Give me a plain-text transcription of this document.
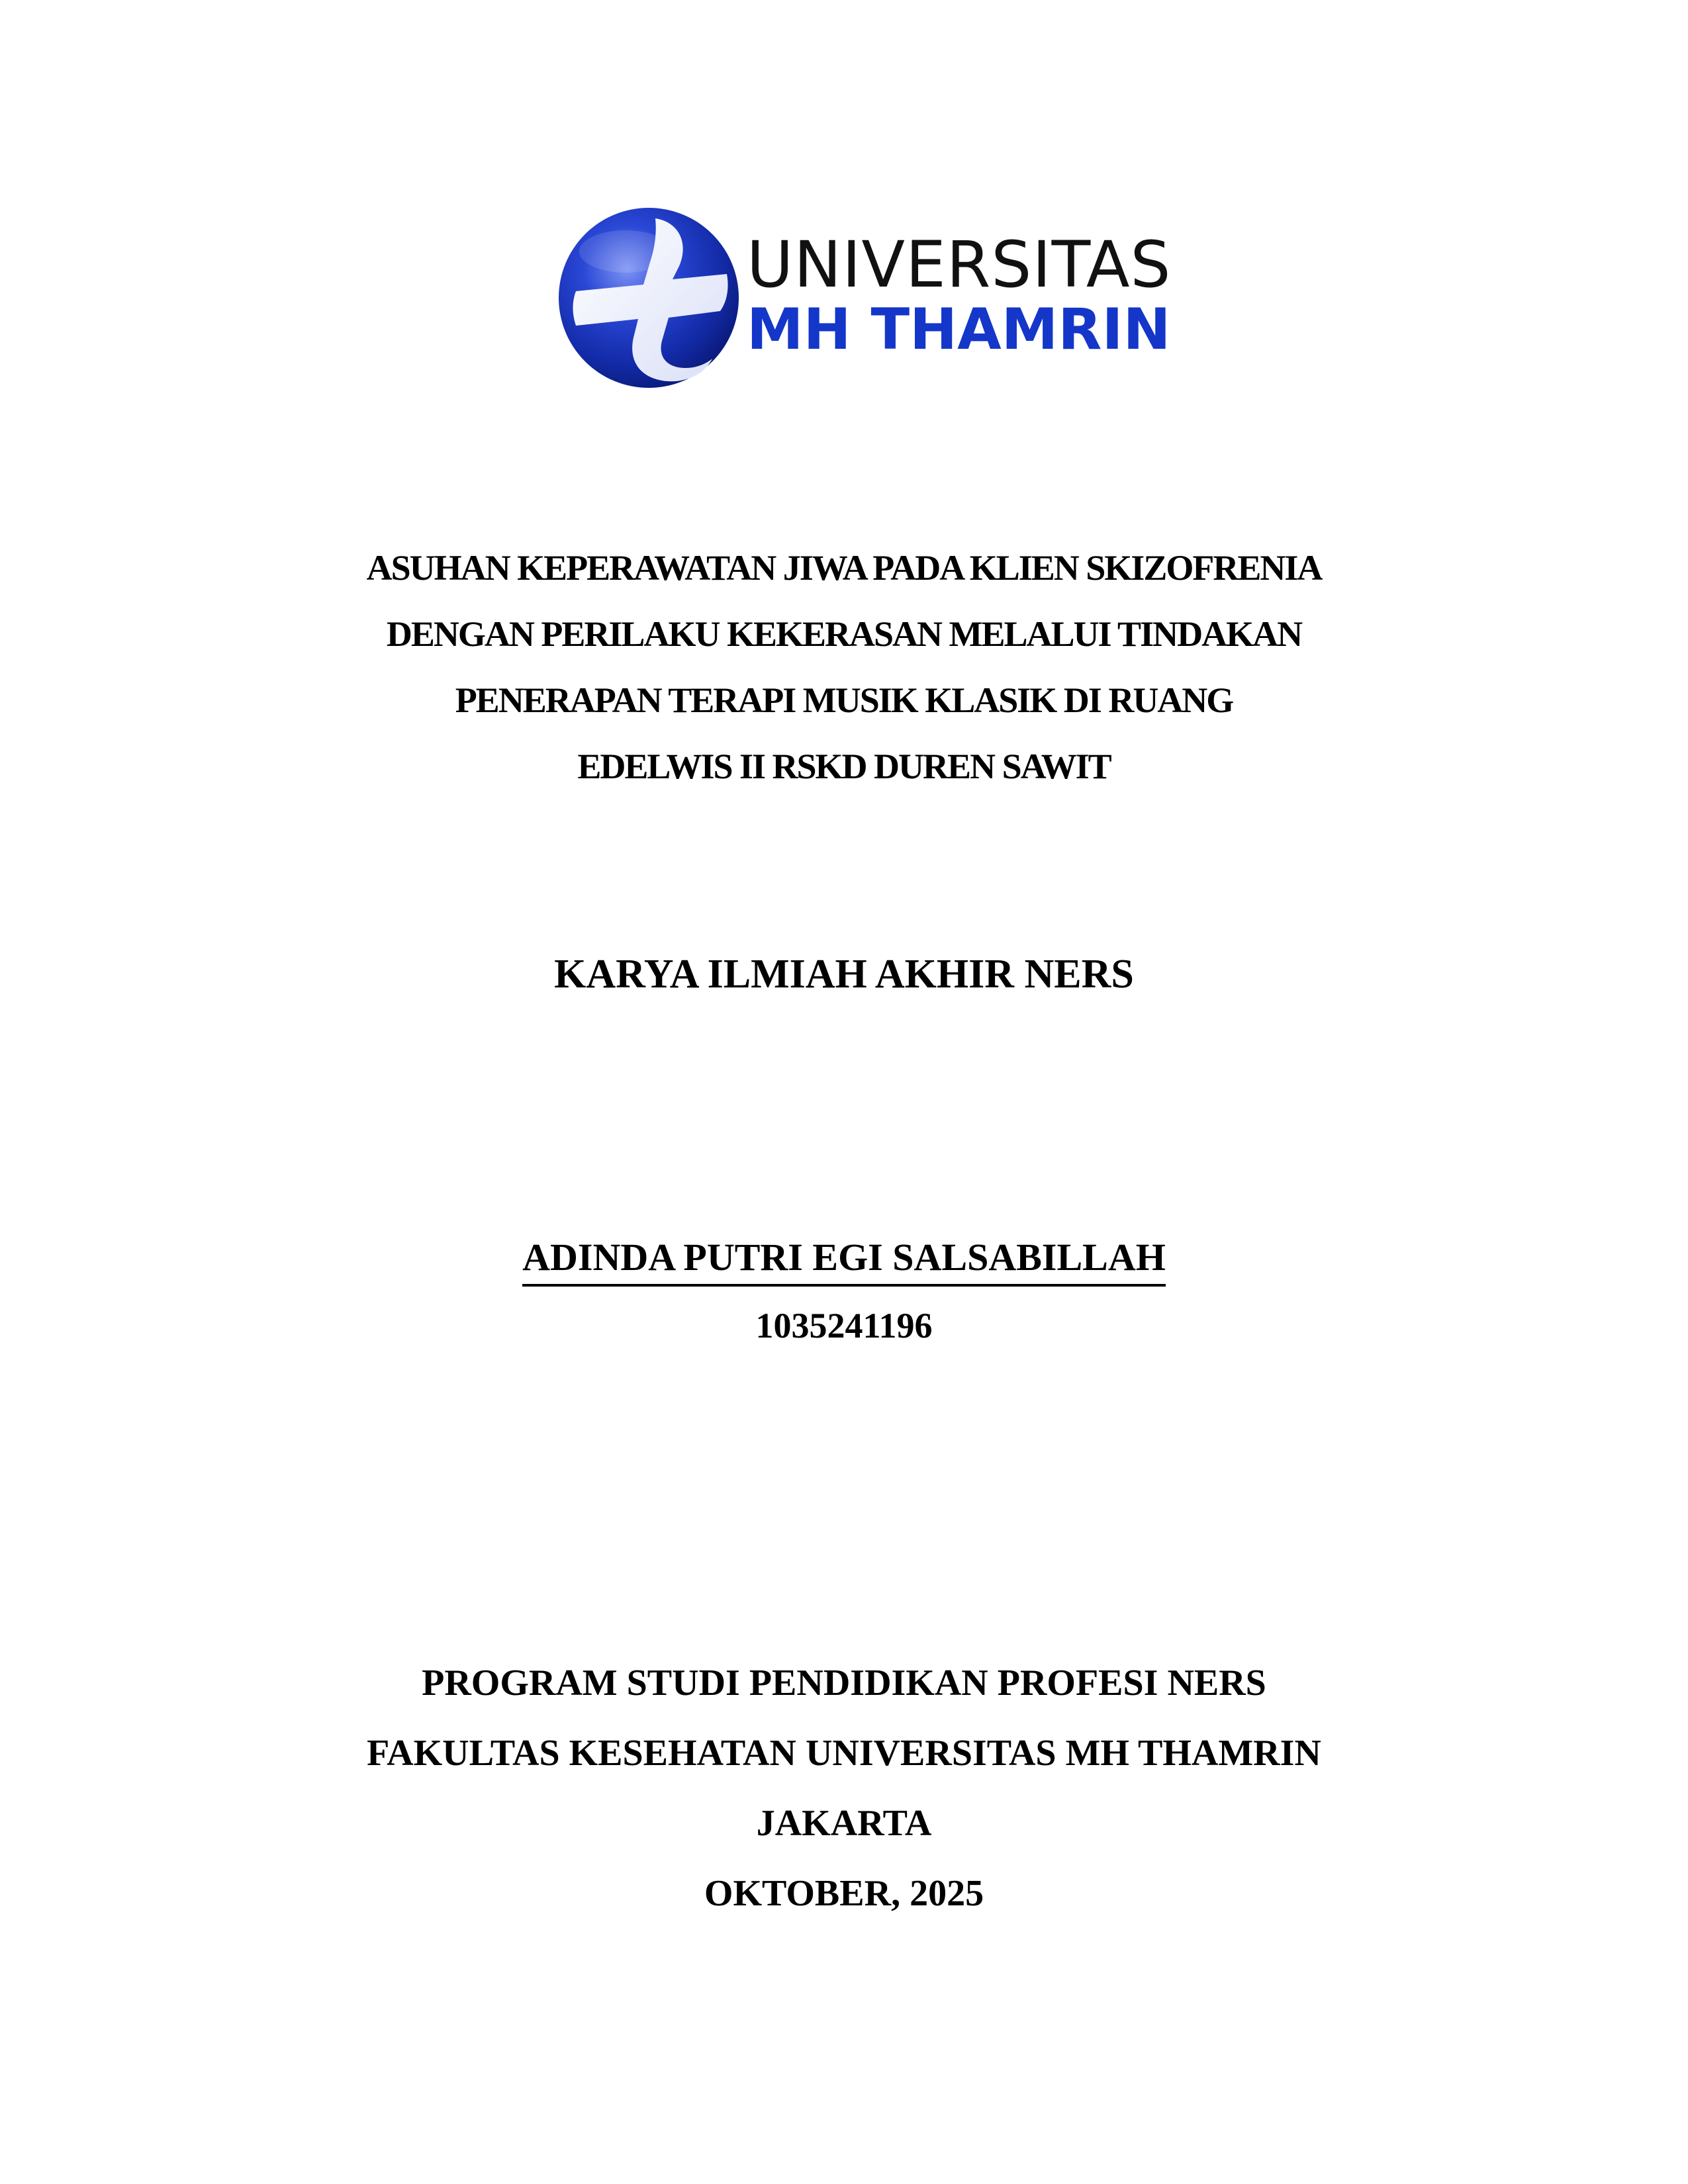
UNIVERSITAS
MH THAMRIN
ASUHAN KEPERAWATAN JIWA PADA KLIEN SKIZOFRENIA
DENGAN PERILAKU KEKERASAN MELALUI TINDAKAN
PENERAPAN TERAPI MUSIK KLASIK DI RUANG
EDELWIS II RSKD DUREN SAWIT
KARYA ILMIAH AKHIR NERS
ADINDA PUTRI EGI SALSABILLAH
1035241196
PROGRAM STUDI PENDIDIKAN PROFESI NERS
FAKULTAS KESEHATAN UNIVERSITAS MH THAMRIN
JAKARTA
OKTOBER, 2025
